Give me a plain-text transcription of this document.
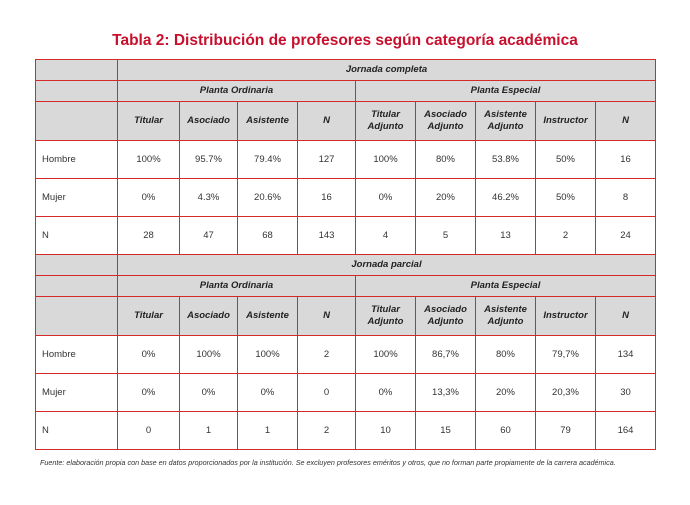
Tabla 2: Distribución de profesores según categoría académica
	Jornada completa								
	Planta Ordinaria				Planta Especial				
	Titular	Asociado	Asistente	N	Titular Adjunto	Asociado Adjunto	Asistente Adjunto	Instructor	N
Hombre	100%	95.7%	79.4%	127	100%	80%	53.8%	50%	16
Mujer	0%	4.3%	20.6%	16	0%	20%	46.2%	50%	8
N	28	47	68	143	4	5	13	2	24
	Jornada parcial								
	Planta Ordinaria				Planta Especial				
	Titular	Asociado	Asistente	N	Titular Adjunto	Asociado Adjunto	Asistente Adjunto	Instructor	N
Hombre	0%	100%	100%	2	100%	86,7%	80%	79,7%	134
Mujer	0%	0%	0%	0	0%	13,3%	20%	20,3%	30
N	0	1	1	2	10	15	60	79	164
Fuente: elaboración propia con base en datos proporcionados por la institución. Se excluyen profesores eméritos y otros, que no forman parte propiamente de la carrera académica.
